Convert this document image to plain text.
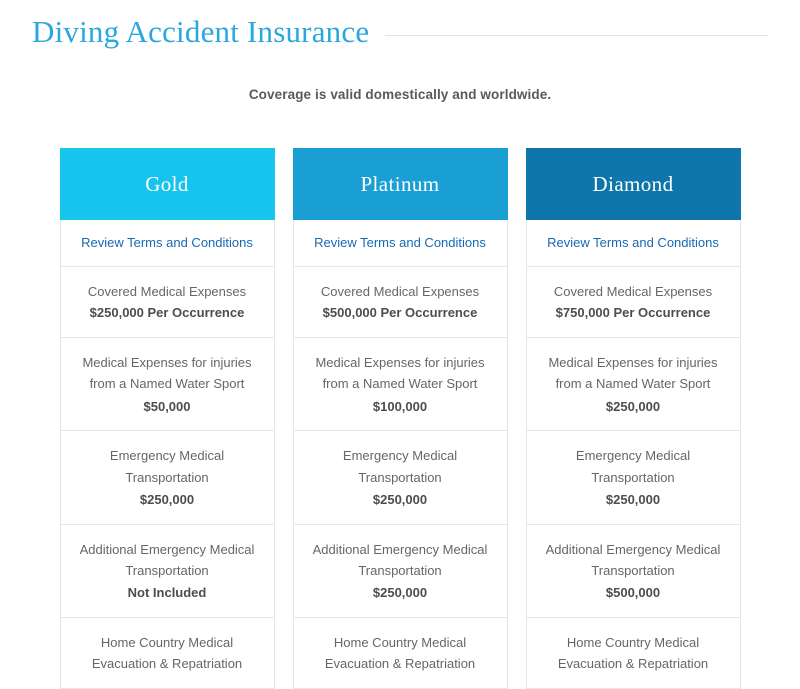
Diving Accident Insurance
Coverage is valid domestically and worldwide.
Gold
Review Terms and Conditions
Covered Medical Expenses $250,000 Per Occurrence
Medical Expenses for injuries from a Named Water Sport
$50,000
Emergency Medical Transportation
$250,000
Additional Emergency Medical Transportation
Not Included
Home Country Medical Evacuation & Repatriation
Platinum
Review Terms and Conditions
Covered Medical Expenses $500,000 Per Occurrence
Medical Expenses for injuries from a Named Water Sport
$100,000
Emergency Medical Transportation
$250,000
Additional Emergency Medical Transportation
$250,000
Home Country Medical Evacuation & Repatriation
Diamond
Review Terms and Conditions
Covered Medical Expenses $750,000 Per Occurrence
Medical Expenses for injuries from a Named Water Sport
$250,000
Emergency Medical Transportation
$250,000
Additional Emergency Medical Transportation
$500,000
Home Country Medical Evacuation & Repatriation
